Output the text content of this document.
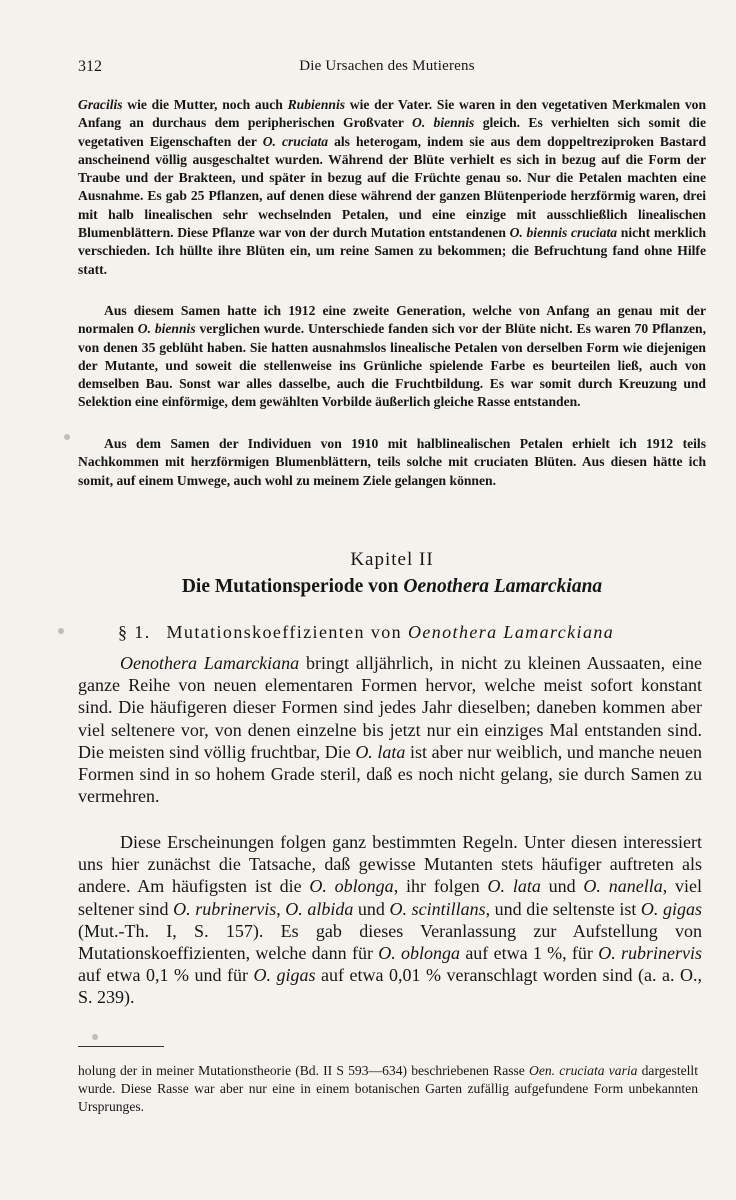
312	Die Ursachen des Mutierens

Gracilis wie die Mutter, noch auch Rubiennis wie der Vater. Sie waren in den vegetativen Merkmalen von Anfang an durchaus dem peripherischen Großvater O. biennis gleich. Es verhielten sich somit die vegetativen Eigenschaften der O. cruciata als heterogam, indem sie aus dem doppeltreziproken Bastard anscheinend völlig ausgeschaltet wurden. Während der Blüte verhielt es sich in bezug auf die Form der Traube und der Brakteen, und später in bezug auf die Früchte genau so. Nur die Petalen machten eine Ausnahme. Es gab 25 Pflanzen, auf denen diese während der ganzen Blütenperiode herzförmig waren, drei mit halb linealischen sehr wechselnden Petalen, und eine einzige mit ausschließlich linealischen Blumenblättern. Diese Pflanze war von der durch Mutation entstandenen O. biennis cruciata nicht merklich verschieden. Ich hüllte ihre Blüten ein, um reine Samen zu bekommen; die Befruchtung fand ohne Hilfe statt.

Aus diesem Samen hatte ich 1912 eine zweite Generation, welche von Anfang an genau mit der normalen O. biennis verglichen wurde. Unterschiede fanden sich vor der Blüte nicht. Es waren 70 Pflanzen, von denen 35 geblüht haben. Sie hatten ausnahmslos linealische Petalen von derselben Form wie diejenigen der Mutante, und soweit die stellenweise ins Grünliche spielende Farbe es beurteilen ließ, auch von demselben Bau. Sonst war alles dasselbe, auch die Fruchtbildung. Es war somit durch Kreuzung und Selektion eine einförmige, dem gewählten Vorbilde äußerlich gleiche Rasse entstanden.

Aus dem Samen der Individuen von 1910 mit halblinealischen Petalen erhielt ich 1912 teils Nachkommen mit herzförmigen Blumenblättern, teils solche mit cruciaten Blüten. Aus diesen hätte ich somit, auf einem Umwege, auch wohl zu meinem Ziele gelangen können.

Kapitel II
Die Mutationsperiode von Oenothera Lamarckiana
§ 1. Mutationskoeffizienten von Oenothera Lamarckiana

Oenothera Lamarckiana bringt alljährlich, in nicht zu kleinen Aussaaten, eine ganze Reihe von neuen elementaren Formen hervor, welche meist sofort konstant sind. Die häufigeren dieser Formen sind jedes Jahr dieselben; daneben kommen aber viel seltenere vor, von denen einzelne bis jetzt nur ein einziges Mal entstanden sind. Die meisten sind völlig fruchtbar, Die O. lata ist aber nur weiblich, und manche neuen Formen sind in so hohem Grade steril, daß es noch nicht gelang, sie durch Samen zu vermehren.

Diese Erscheinungen folgen ganz bestimmten Regeln. Unter diesen interessiert uns hier zunächst die Tatsache, daß gewisse Mutanten stets häufiger auftreten als andere. Am häufigsten ist die O. oblonga, ihr folgen O. lata und O. nanella, viel seltener sind O. rubrinervis, O. albida und O. scintillans, und die seltenste ist O. gigas (Mut.-Th. I, S. 157). Es gab dieses Veranlassung zur Aufstellung von Mutationskoeffizienten, welche dann für O. oblonga auf etwa 1 %, für O. rubrinervis auf etwa 0,1 % und für O. gigas auf etwa 0,01 % veranschlagt worden sind (a. a. O., S. 239).

holung der in meiner Mutationstheorie (Bd. II S 593—634) beschriebenen Rasse Oen. cruciata varia dargestellt wurde. Diese Rasse war aber nur eine in einem botanischen Garten zufällig aufgefundene Form unbekannten Ursprunges.
